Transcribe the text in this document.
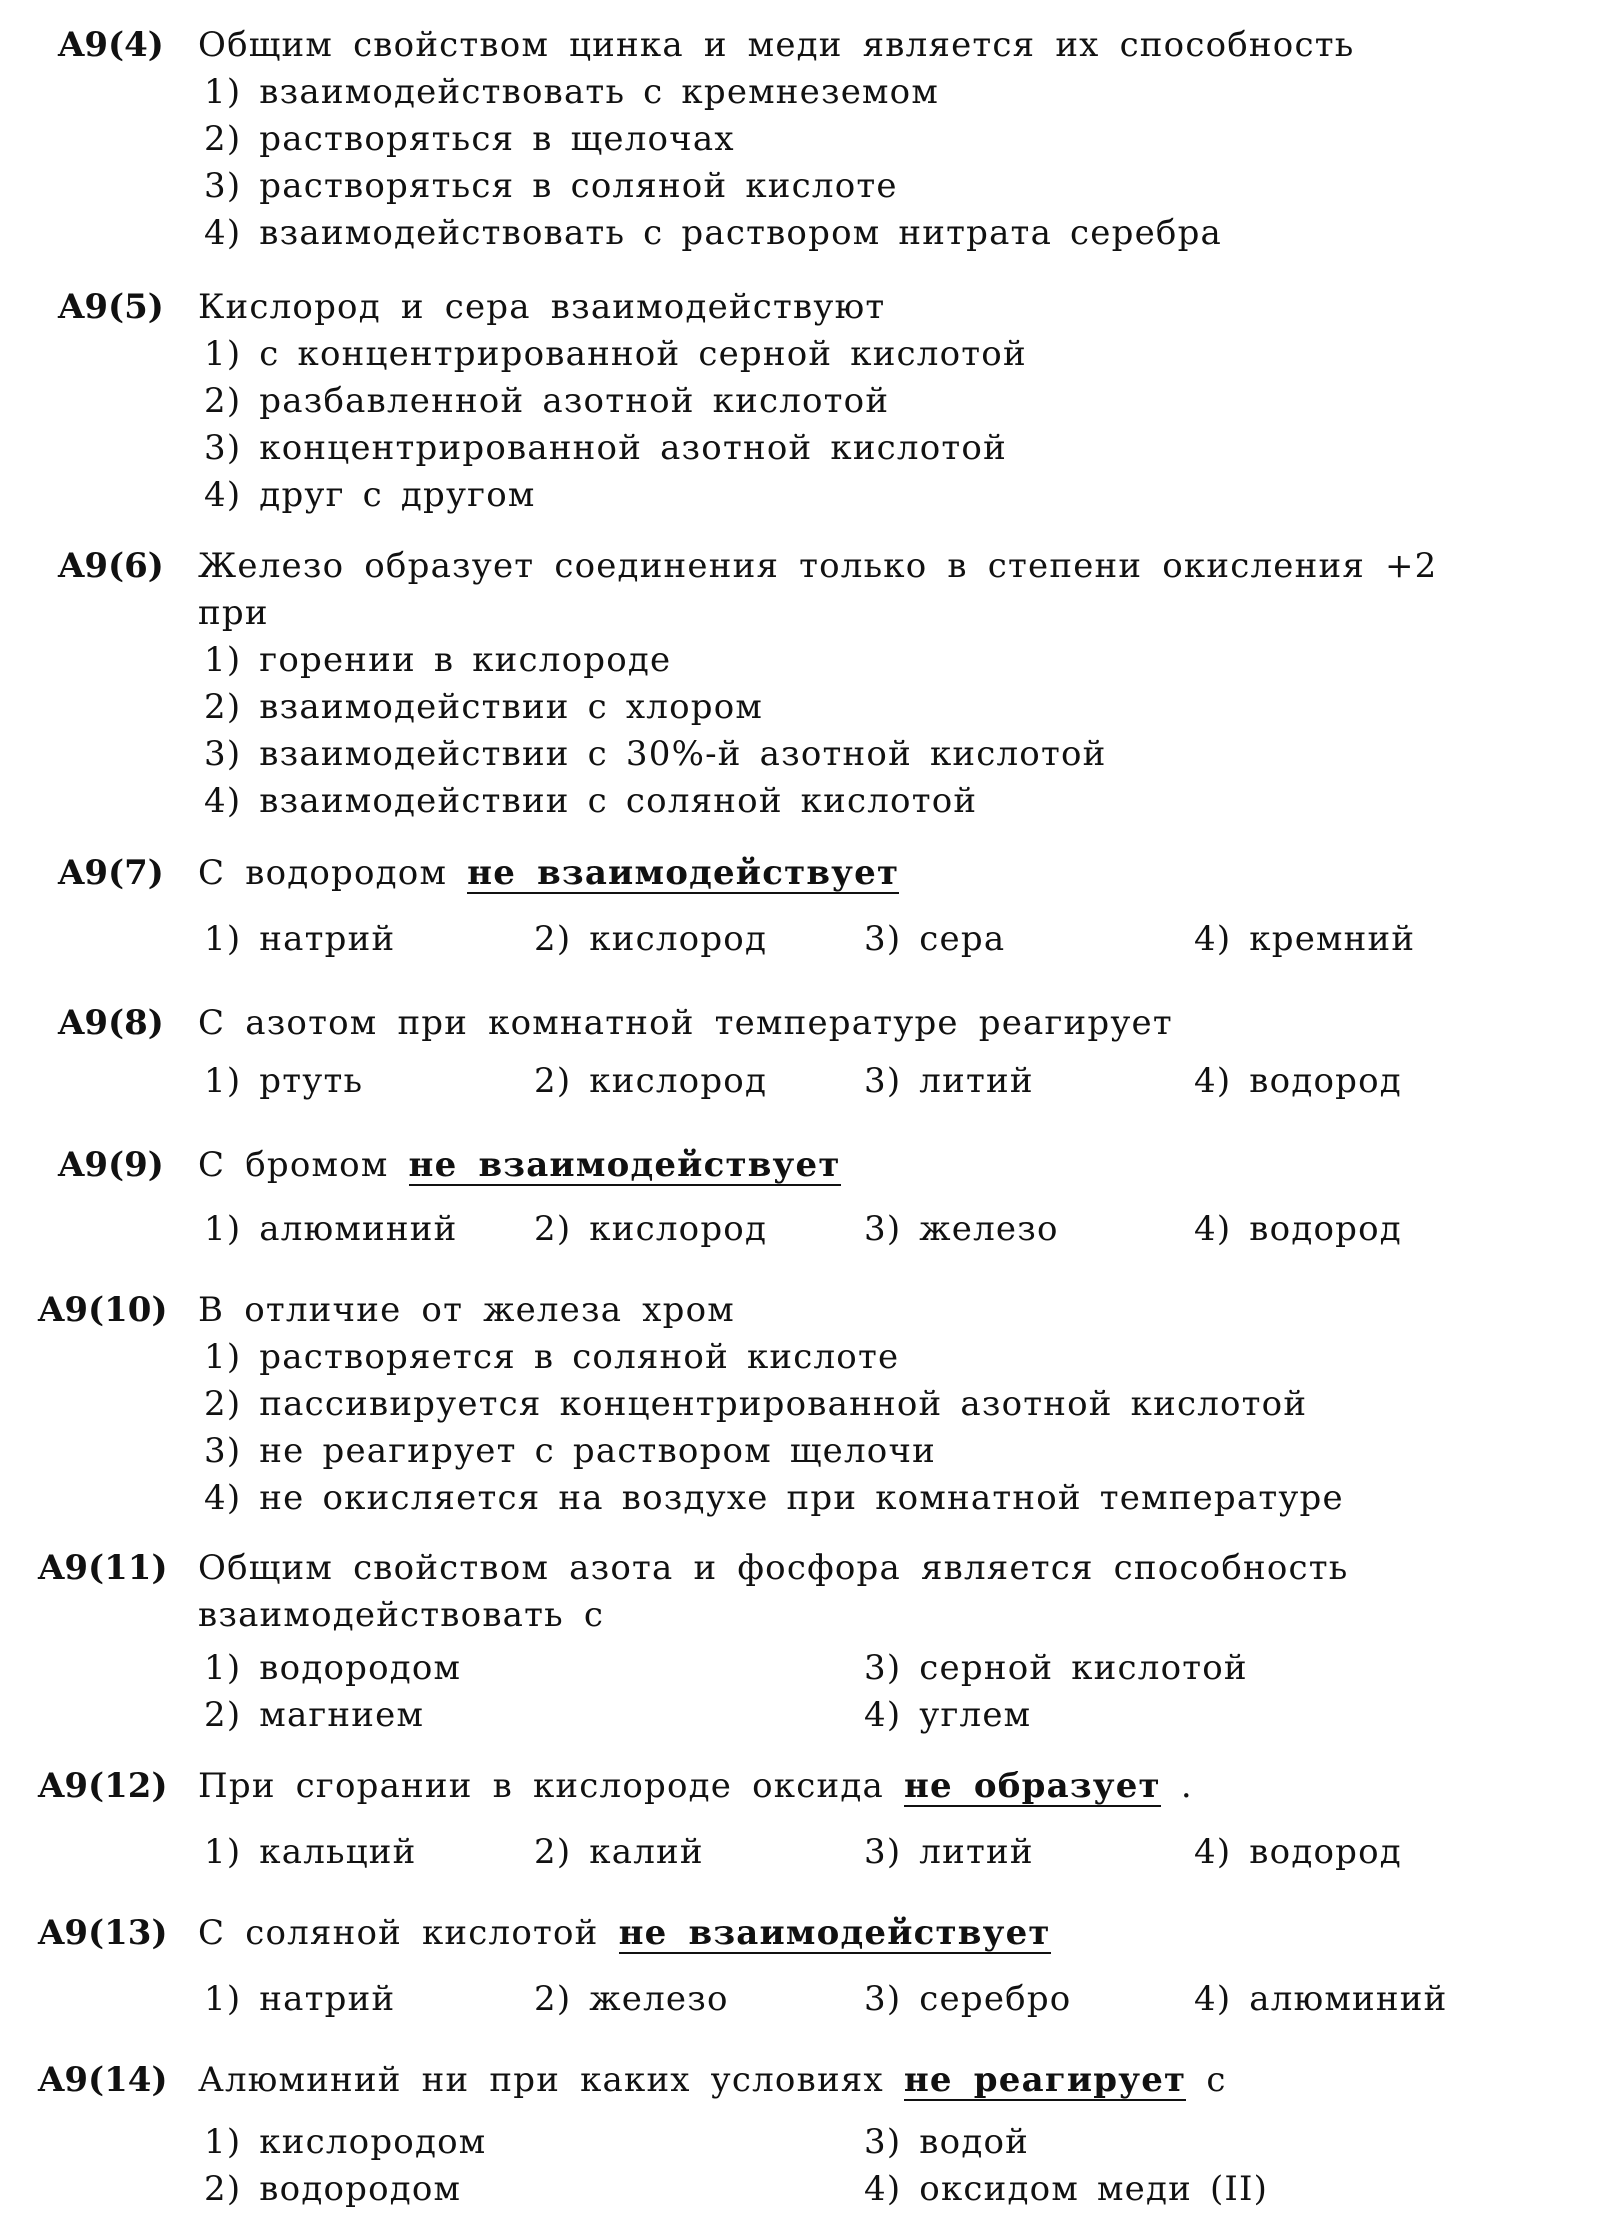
A9(4)	Общим свойством цинка и меди является их способность
1) взаимодействовать с кремнеземом
2) растворяться в щелочах
3) растворяться в соляной кислоте
4) взаимодействовать с раствором нитрата серебра
A9(5)	Кислород и сера взаимодействуют
1) с концентрированной серной кислотой
2) разбавленной азотной кислотой
3) концентрированной азотной кислотой
4) друг с другом
A9(6)	Железо образует соединения только в степени окисления +2
при
1) горении в кислороде
2) взаимодействии с хлором
3) взаимодействии с 30%-й азотной кислотой
4) взаимодействии с соляной кислотой
A9(7)	С водородом не взаимодействует
1) натрий	2) кислород	3) сера	4) кремний
A9(8)	С азотом при комнатной температуре реагирует
1) ртуть	2) кислород	3) литий	4) водород
A9(9)	С бромом не взаимодействует
1) алюминий 2) кислород	3) железо	4) водород
A9(10) В отличие от железа хром
1) растворяется в соляной кислоте
2) пассивируется концентрированной азотной кислотой
3) не реагирует с раствором щелочи
4) не окисляется на воздухе при комнатной температуре
A9(11) Общим свойством азота и фосфора является способность
взаимодействовать с
1) водородом
2) магнием
3) серной кислотой
4) углем
A9(12) При сгорании в кислороде оксида не образует .
1) кальций	2) калий	3) литий	4) водород
A9(13) С соляной кислотой не взаимодействует
1) натрий	2) железо	3) серебро	4) алюминий
A9(14) Алюминий ни при каких условиях не реагирует с
1) кислородом
2) водородом
3) водой
4) оксидом меди (II)
